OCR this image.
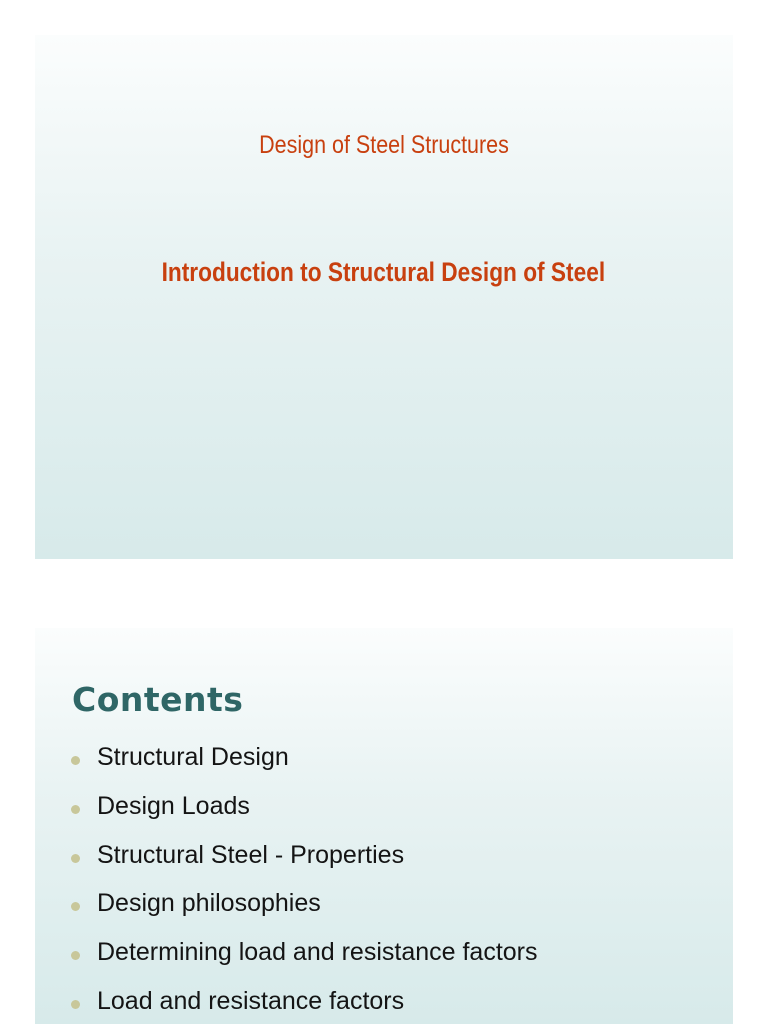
Design of Steel Structures
Introduction to Structural Design of Steel
Contents
Structural Design
Design Loads
Structural Steel - Properties
Design philosophies
Determining load and resistance factors
Load and resistance factors
